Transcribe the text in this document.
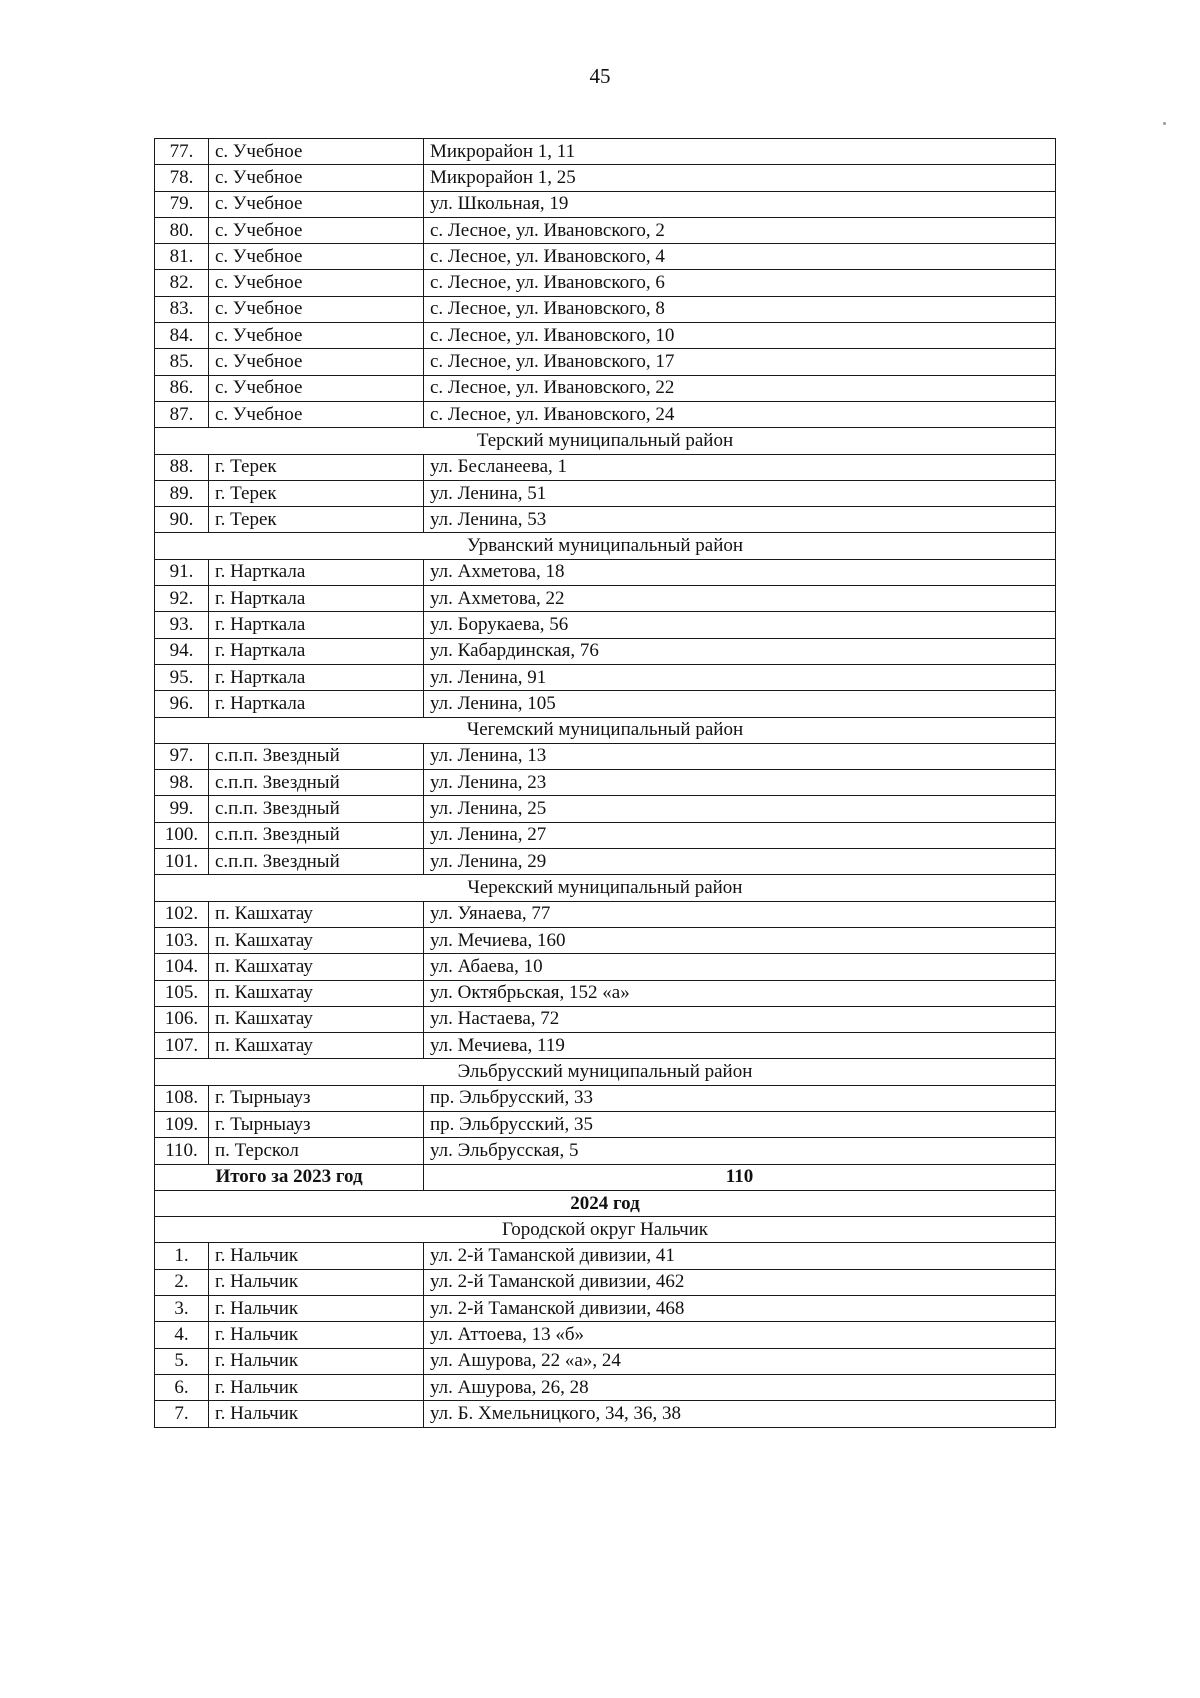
45
77.	с. Учебное	Микрорайон 1, 11
78.	с. Учебное	Микрорайон 1, 25
79.	с. Учебное	ул. Школьная, 19
80.	с. Учебное	с. Лесное, ул. Ивановского, 2
81.	с. Учебное	с. Лесное, ул. Ивановского, 4
82.	с. Учебное	с. Лесное, ул. Ивановского, 6
83.	с. Учебное	с. Лесное, ул. Ивановского, 8
84.	с. Учебное	с. Лесное, ул. Ивановского, 10
85.	с. Учебное	с. Лесное, ул. Ивановского, 17
86.	с. Учебное	с. Лесное, ул. Ивановского, 22
87.	с. Учебное	с. Лесное, ул. Ивановского, 24
Терский муниципальный район		
88.	г. Терек	ул. Бесланеева, 1
89.	г. Терек	ул. Ленина, 51
90.	г. Терек	ул. Ленина, 53
Урванский муниципальный район		
91.	г. Нарткала	ул. Ахметова, 18
92.	г. Нарткала	ул. Ахметова, 22
93.	г. Нарткала	ул. Борукаева, 56
94.	г. Нарткала	ул. Кабардинская, 76
95.	г. Нарткала	ул. Ленина, 91
96.	г. Нарткала	ул. Ленина, 105
Чегемский муниципальный район		
97.	с.п.п. Звездный	ул. Ленина, 13
98.	с.п.п. Звездный	ул. Ленина, 23
99.	с.п.п. Звездный	ул. Ленина, 25
100.	с.п.п. Звездный	ул. Ленина, 27
101.	с.п.п. Звездный	ул. Ленина, 29
Черекский муниципальный район		
102.	п. Кашхатау	ул. Уянаева, 77
103.	п. Кашхатау	ул. Мечиева, 160
104.	п. Кашхатау	ул. Абаева, 10
105.	п. Кашхатау	ул. Октябрьская, 152 «а»
106.	п. Кашхатау	ул. Настаева, 72
107.	п. Кашхатау	ул. Мечиева, 119
Эльбрусский муниципальный район		
108.	г. Тырныауз	пр. Эльбрусский, 33
109.	г. Тырныауз	пр. Эльбрусский, 35
110.	п. Терскол	ул. Эльбрусская, 5
Итого за 2023 год		110
2024 год		
Городской округ Нальчик		
1.	г. Нальчик	ул. 2-й Таманской дивизии, 41
2.	г. Нальчик	ул. 2-й Таманской дивизии, 462
3.	г. Нальчик	ул. 2-й Таманской дивизии, 468
4.	г. Нальчик	ул. Аттоева, 13 «б»
5.	г. Нальчик	ул. Ашурова, 22 «а», 24
6.	г. Нальчик	ул. Ашурова, 26, 28
7.	г. Нальчик	ул. Б. Хмельницкого, 34, 36, 38
